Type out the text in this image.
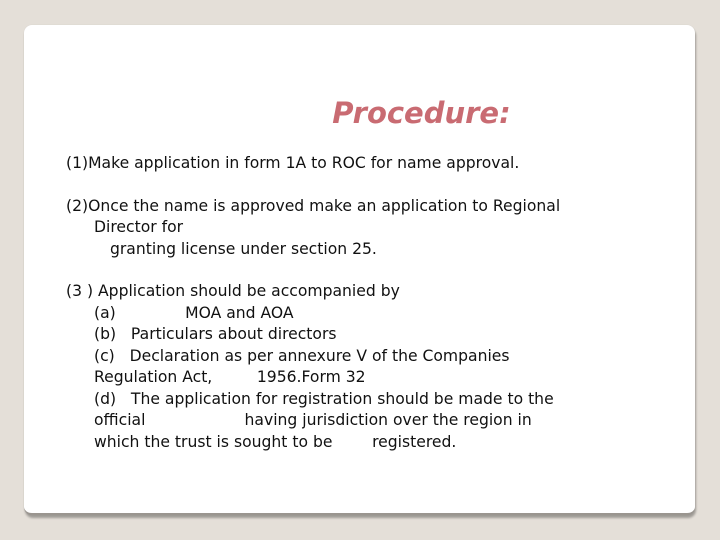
Procedure:

(1)Make application in form 1A to ROC for name approval.

(2)Once the name is approved make an application to Regional

Director for

granting license under section 25.

(3 ) Application should be accompanied by

(a)              MOA and AOA

(b)   Particulars about directors

(c)   Declaration as per annexure V of the Companies

Regulation Act,         1956.Form 32

(d)   The application for registration should be made to the

official                    having jurisdiction over the region in

which the trust is sought to be        registered.
